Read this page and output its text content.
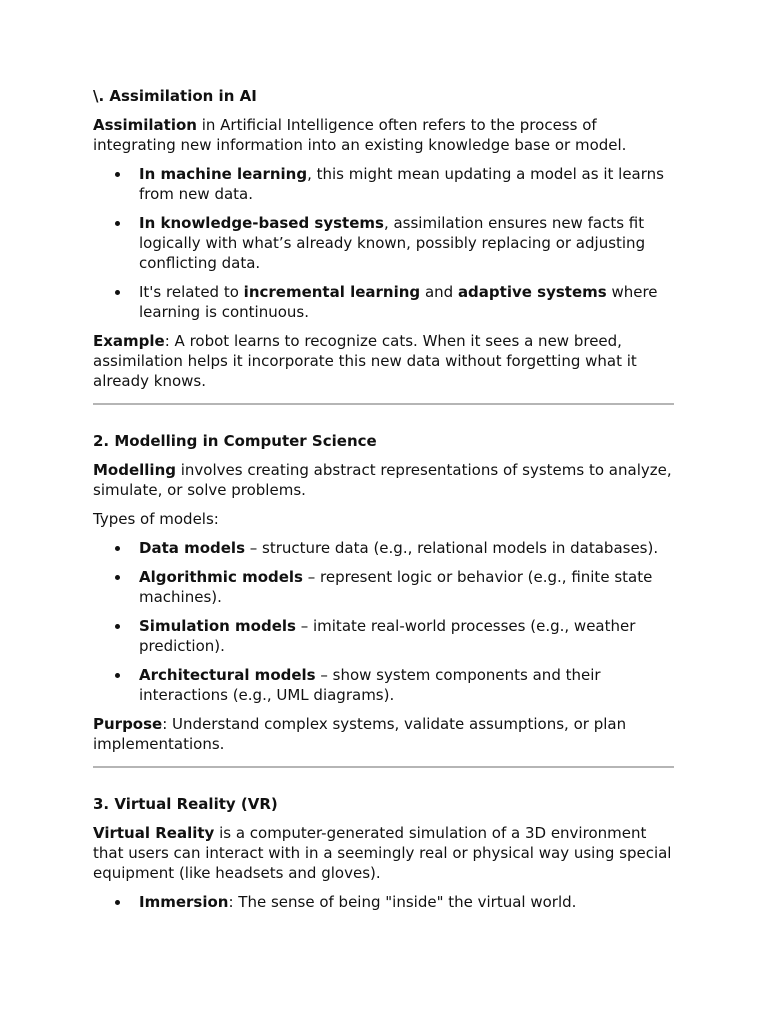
\. Assimilation in AI

Assimilation in Artificial Intelligence often refers to the process of integrating new information into an existing knowledge base or model.

In machine learning, this might mean updating a model as it learns from new data.
In knowledge-based systems, assimilation ensures new facts fit logically with what’s already known, possibly replacing or adjusting conflicting data.
It's related to incremental learning and adaptive systems where learning is continuous.

Example: A robot learns to recognize cats. When it sees a new breed, assimilation helps it incorporate this new data without forgetting what it already knows.

2. Modelling in Computer Science

Modelling involves creating abstract representations of systems to analyze, simulate, or solve problems.

Types of models:

Data models – structure data (e.g., relational models in databases).
Algorithmic models – represent logic or behavior (e.g., finite state machines).
Simulation models – imitate real-world processes (e.g., weather prediction).
Architectural models – show system components and their interactions (e.g., UML diagrams).

Purpose: Understand complex systems, validate assumptions, or plan implementations.

3. Virtual Reality (VR)

Virtual Reality is a computer-generated simulation of a 3D environment that users can interact with in a seemingly real or physical way using special equipment (like headsets and gloves).

Immersion: The sense of being "inside" the virtual world.
